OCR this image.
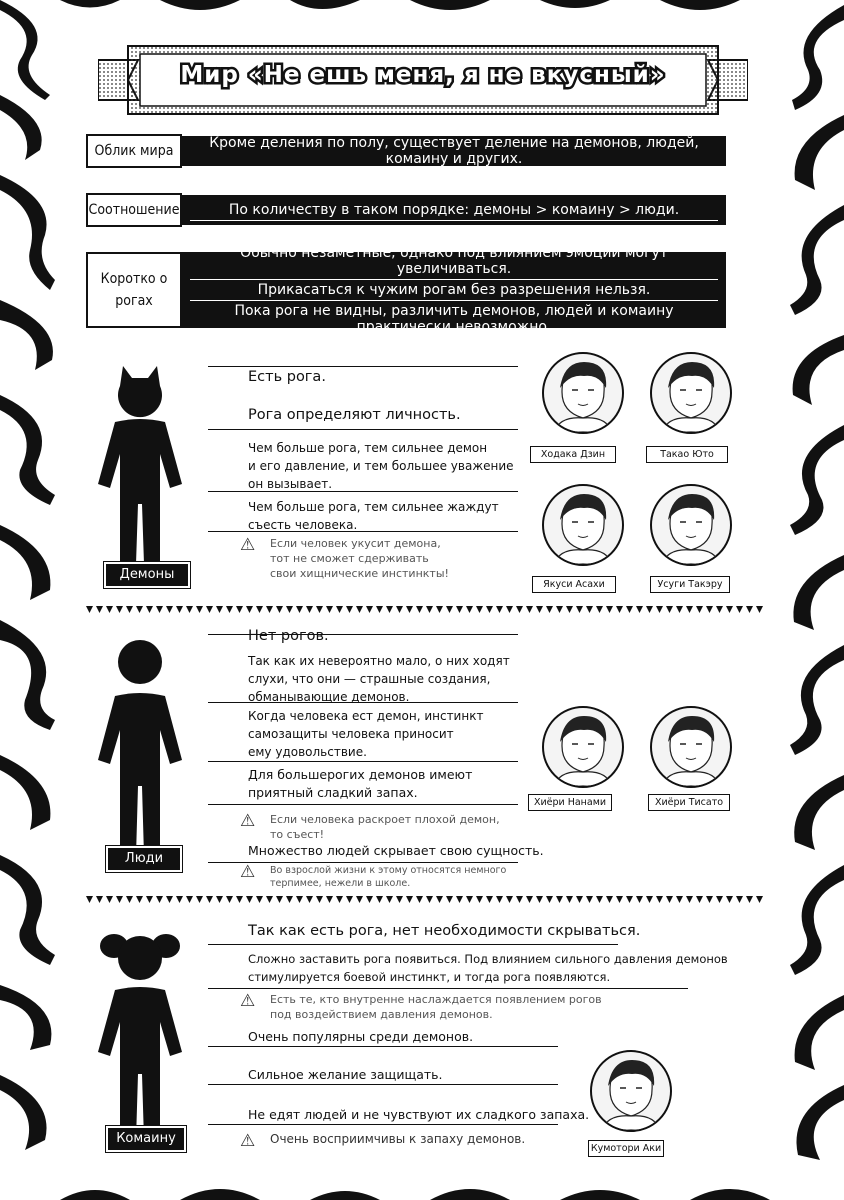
Мир «Не ешь меня, я не вкусный»
Облик мира
Кроме деления по полу, существует деление на демонов, людей, комаину и других.
Соотношение	По количеству в таком порядке: демоны > комаину > люди.
Коротко о рогах
Обычно незаметные, однако под влиянием эмоций могут увеличиваться.
Прикасаться к чужим рогам без разрешения нельзя.
Пока рога не видны, различить демонов, людей и комаину практически невозможно.
Демоны
Есть рога.
Рога определяют личность.
Чем больше рога, тем сильнее демон
и его давление, и тем большее уважение
он вызывает.
Чем больше рога, тем сильнее жаждут
съесть человека.
⚠ Если человек укусит демона,
тот не сможет сдерживать
свои хищнические инстинкты!
Ходака Дзин	Такао Юто
Якуси Асахи	Усуги Такэру
Люди
Нет рогов.
Так как их невероятно мало, о них ходят
слухи, что они — страшные создания,
обманывающие демонов.
Когда человека ест демон, инстинкт
самозащиты человека приносит
ему удовольствие.
Для большерогих демонов имеют
приятный сладкий запах.
⚠ Если человека раскроет плохой демон,
то съест!
Множество людей скрывает свою сущность.
⚠ Во взрослой жизни к этому относятся немного
терпимее, нежели в школе.
Хиёри Нанами	Хиёри Тисато
Комаину
Так как есть рога, нет необходимости скрываться.
Сложно заставить рога появиться. Под влиянием сильного давления демонов
стимулируется боевой инстинкт, и тогда рога появляются.
⚠ Есть те, кто внутренне наслаждается появлением рогов
под воздействием давления демонов.
Очень популярны среди демонов.
Сильное желание защищать.
Не едят людей и не чувствуют их сладкого запаха.
⚠ Очень восприимчивы к запаху демонов.
Кумотори Аки
